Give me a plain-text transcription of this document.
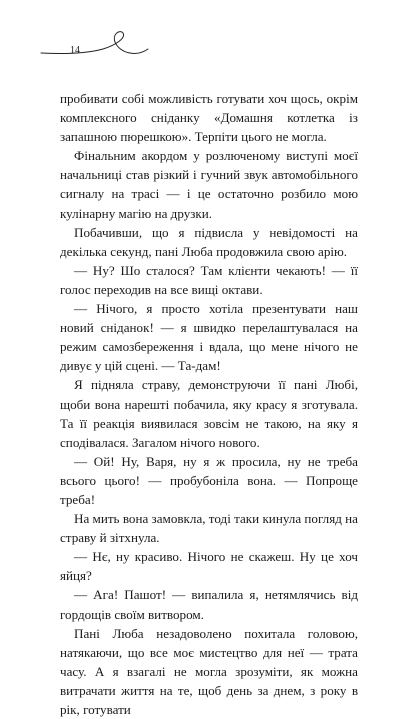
14

пробивати собі можливість готувати хоч щось, окрім комплексного сніданку «Домашня котлетка із запашною пюрешкою». Терпіти цього не могла.

Фінальним акордом у розлюченому виступі моєї начальниці став різкий і гучний звук автомобільного сигналу на трасі — і це остаточно розбило мою кулінарну магію на друзки.

Побачивши, що я підвисла у невідомості на декілька секунд, пані Люба продовжила свою арію.

— Ну? Шо сталося? Там клієнти чекають! — її голос переходив на все вищі октави.

— Нічого, я просто хотіла презентувати наш новий сніданок! — я швидко перелаштувалася на режим самозбереження і вдала, що мене нічого не дивує у цій сцені. — Та-дам!

Я підняла страву, демонструючи її пані Любі, щоби вона нарешті побачила, яку красу я зготувала. Та її реакція виявилася зовсім не такою, на яку я сподівалася. Загалом нічого нового.

— Ой! Ну, Варя, ну я ж просила, ну не треба всього цього! — пробубоніла вона. — Попроще треба!

На мить вона замовкла, тоді таки кинула погляд на страву й зітхнула.

— Нє, ну красиво. Нічого не скажеш. Ну це хоч яйця?

— Ага! Пашот! — випалила я, нетямлячись від гордощів своїм витвором.

Пані Люба незадоволено похитала головою, натякаючи, що все моє мистецтво для неї — трата часу. А я взагалі не могла зрозуміти, як можна витрачати життя на те, щоб день за днем, з року в рік, готувати
